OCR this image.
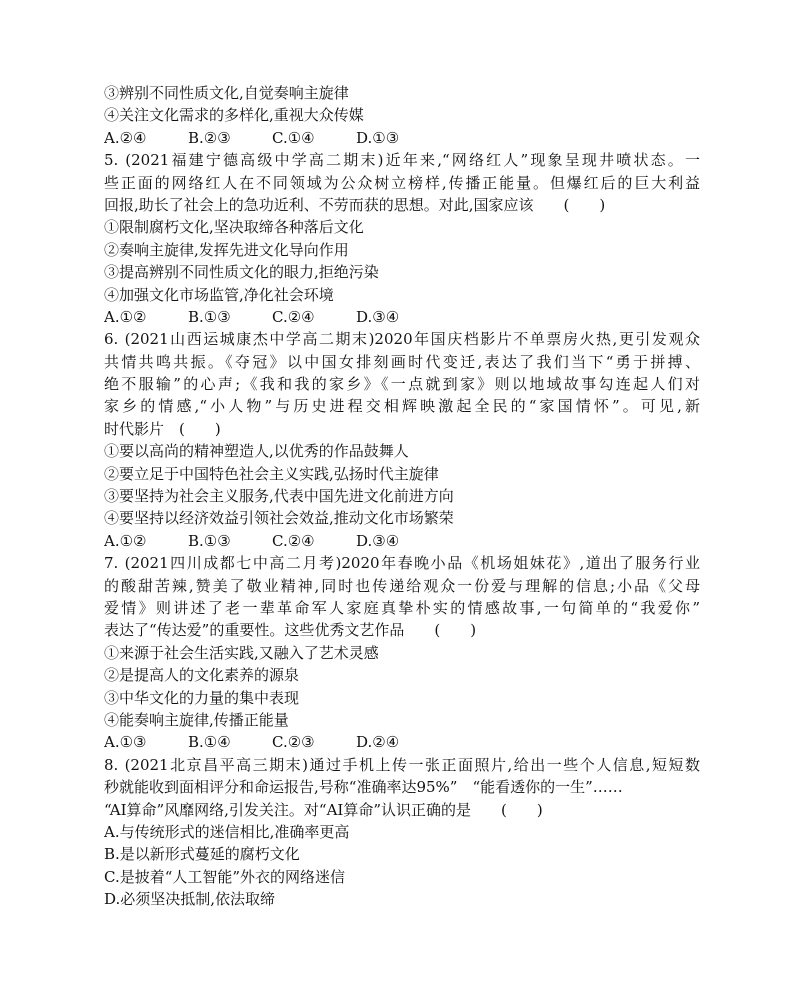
③辨别不同性质文化,自觉奏响主旋律
④关注文化需求的多样化,重视大众传媒
A.②④	B.②③	C.①④	D.①③
5. (2021福建宁德高级中学高二期末)近年来,“网络红人”现象呈现井喷状态。一
些正面的网络红人在不同领域为公众树立榜样,传播正能量。但爆红后的巨大利益
回报,助长了社会上的急功近利、不劳而获的思想。对此,国家应该　　(　　)
①限制腐朽文化,坚决取缔各种落后文化
②奏响主旋律,发挥先进文化导向作用
③提高辨别不同性质文化的眼力,拒绝污染
④加强文化市场监管,净化社会环境
A.①②	B.①③	C.②④	D.③④
6. (2021山西运城康杰中学高二期末)2020年国庆档影片不单票房火热,更引发观众
共情共鸣共振。《夺冠》以中国女排刻画时代变迁,表达了我们当下“勇于拼搏、
绝不服输”的心声;《我和我的家乡》《一点就到家》则以地域故事勾连起人们对
家乡的情感,“小人物”与历史进程交相辉映激起全民的“家国情怀”。可见,新
时代影片　(　　)
①要以高尚的精神塑造人,以优秀的作品鼓舞人
②要立足于中国特色社会主义实践,弘扬时代主旋律
③要坚持为社会主义服务,代表中国先进文化前进方向
④要坚持以经济效益引领社会效益,推动文化市场繁荣
A.①②	B.①③	C.②④	D.③④
7. (2021四川成都七中高二月考)2020年春晚小品《机场姐妹花》,道出了服务行业
的酸甜苦辣,赞美了敬业精神,同时也传递给观众一份爱与理解的信息;小品《父母
爱情》则讲述了老一辈革命军人家庭真挚朴实的情感故事,一句简单的“我爱你”
表达了“传达爱”的重要性。这些优秀文艺作品　　(　　)
①来源于社会生活实践,又融入了艺术灵感
②是提高人的文化素养的源泉
③中华文化的力量的集中表现
④能奏响主旋律,传播正能量
A.①③	B.①④	C.②③	D.②④
8. (2021北京昌平高三期末)通过手机上传一张正面照片,给出一些个人信息,短短数
秒就能收到面相评分和命运报告,号称“准确率达95%”　“能看透你的一生”……
“AI算命”风靡网络,引发关注。对“AI算命”认识正确的是　　(　　)
A.与传统形式的迷信相比,准确率更高
B.是以新形式蔓延的腐朽文化
C.是披着“人工智能”外衣的网络迷信
D.必须坚决抵制,依法取缔
